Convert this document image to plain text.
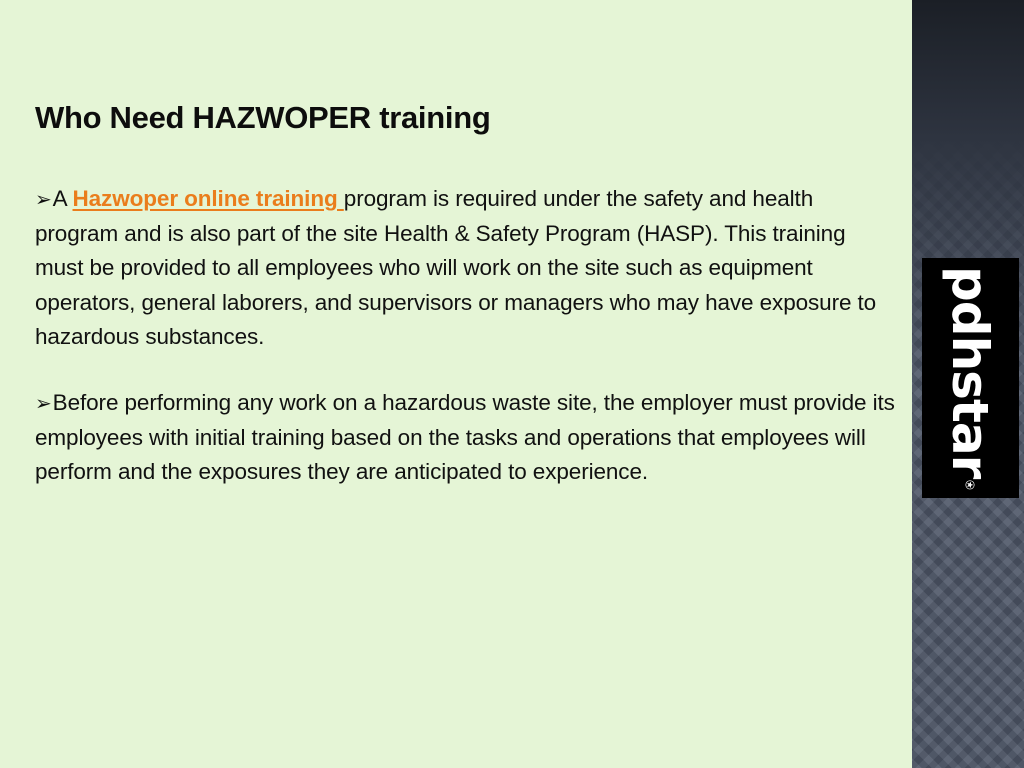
Who Need HAZWOPER training

➢A Hazwoper online training program is required under the safety and health program and is also part of the site Health & Safety Program (HASP). This training must be provided to all employees who will work on the site such as equipment operators, general laborers, and supervisors or managers who may have exposure to hazardous substances.

➢Before performing any work on a hazardous waste site, the employer must provide its employees with initial training based on the tasks and operations that employees will perform and the exposures they are anticipated to experience.	pdhstar
